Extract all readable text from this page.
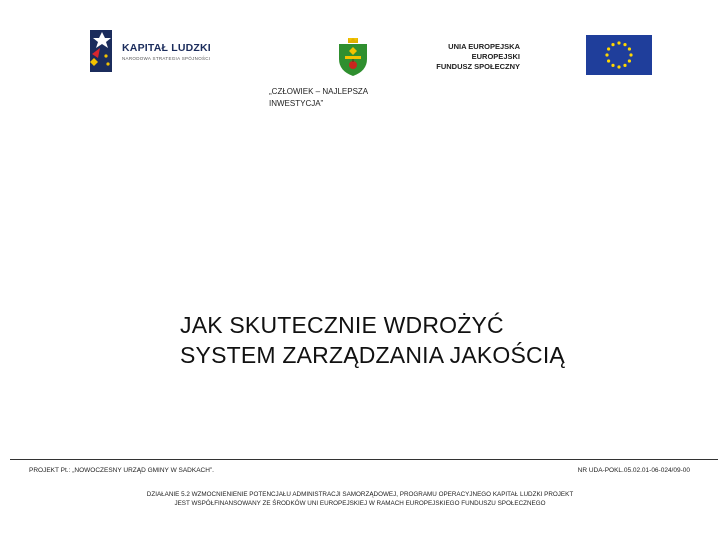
KAPITAŁ LUDZKI
NARODOWA STRATEGIA SPÓJNOŚCI
UNIA EUROPEJSKA
EUROPEJSKI
FUNDUSZ SPOŁECZNY
„CZŁOWIEK – NAJLEPSZA
INWESTYCJA”
JAK SKUTECZNIE WDROŻYĆ
SYSTEM ZARZĄDZANIA JAKOŚCIĄ
PROJEKT Pt.: „NOWOCZESNY URZĄD GMINY W SADKACH”.	NR UDA-POKL.05.02.01-06-024/09-00
DZIAŁANIE 5.2 WZMOCNIENIENIE POTENCJAŁU ADMINISTRACJI SAMORZĄDOWEJ, PROGRAMU OPERACYJNEGO KAPITAŁ LUDZKI PROJEKT
JEST WSPÓŁFINANSOWANY ZE ŚRODKÓW UNI EUROPEJSKIEJ W RAMACH EUROPEJSKIEGO FUNDUSZU SPOŁECZNEGO
